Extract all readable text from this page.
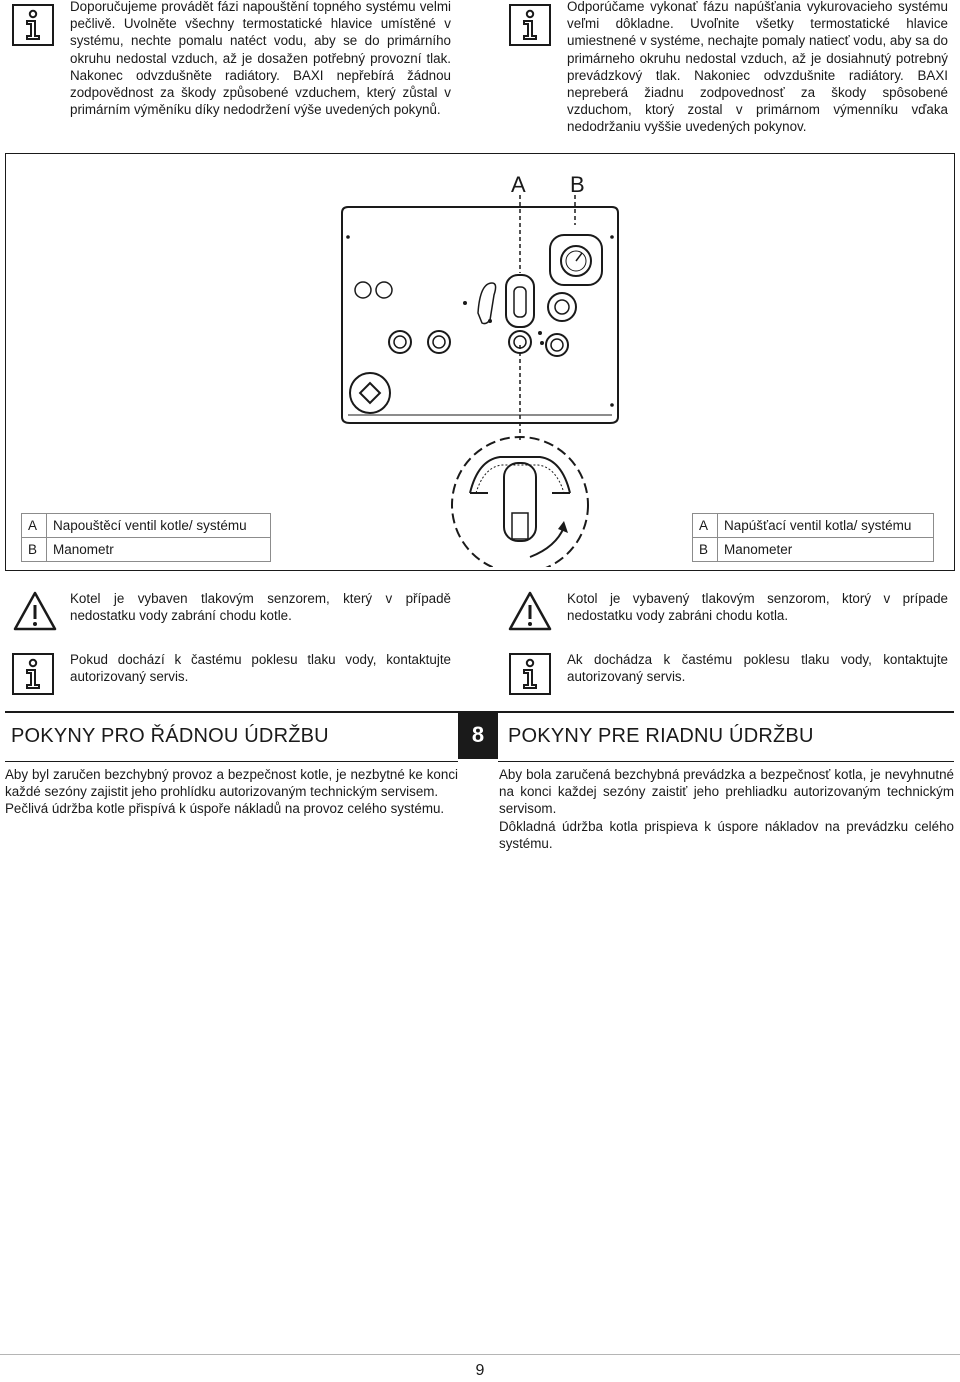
Doporučujeme provádět fázi napouštění topného systému velmi pečlivě. Uvolněte všechny termostatické hlavice umístěné v systému, nechte pomalu natéct vodu, aby se do primárního okruhu nedostal vzduch, až je dosažen potřebný provozní tlak. Nakonec odvzdušněte radiátory. BAXI nepřebírá žádnou zodpovědnost za škody způsobené vzduchem, který zůstal v primárním výměníku díky nedodržení výše uvedených pokynů.
Odporúčame vykonať fázu napúšťania vykurovacieho systému veľmi dôkladne. Uvoľnite všetky termostatické hlavice umiestnené v systéme, nechajte pomaly natiecť vodu, aby sa do primárneho okruhu nedostal vzduch, až je dosiahnutý potrebný prevádzkový tlak. Nakoniec odvzdušnite radiátory. BAXI nepreberá žiadnu zodpovednosť za škody spôsobené vzduchom, ktorý zostal v primárnom výmenníku vďaka nedodržaniu vyššie uvedených pokynov.
A B
A	Napouštěcí ventil kotle/ systému
B	Manometr
A	Napúšťací ventil kotla/ systému
B	Manometer
Kotel je vybaven tlakovým senzorem, který v případě nedostatku vody zabrání chodu kotle.
Kotol je vybavený tlakovým senzorom, ktorý v prípade nedostatku vody zabráni chodu kotla.
Pokud dochází k častému poklesu tlaku vody, kontaktujte autorizovaný servis.
Ak dochádza k častému poklesu tlaku vody, kontaktujte autorizovaný servis.
POKYNY PRO ŘÁDNOU ÚDRŽBU	8	POKYNY PRE RIADNU ÚDRŽBU

Aby byl zaručen bezchybný provoz a bezpečnost kotle, je nezbytné ke konci každé sezóny zajistit jeho prohlídku autorizovaným technickým servisem.

Pečlivá údržba kotle přispívá k úspoře nákladů na provoz celého systému.

Aby bola zaručená bezchybná prevádzka a bezpečnosť kotla, je nevyhnutné na konci každej sezóny zaistiť jeho prehliadku autorizovaným technickým servisom.

Dôkladná údržba kotla prispieva k úspore nákladov na prevádzku celého systému.

9
